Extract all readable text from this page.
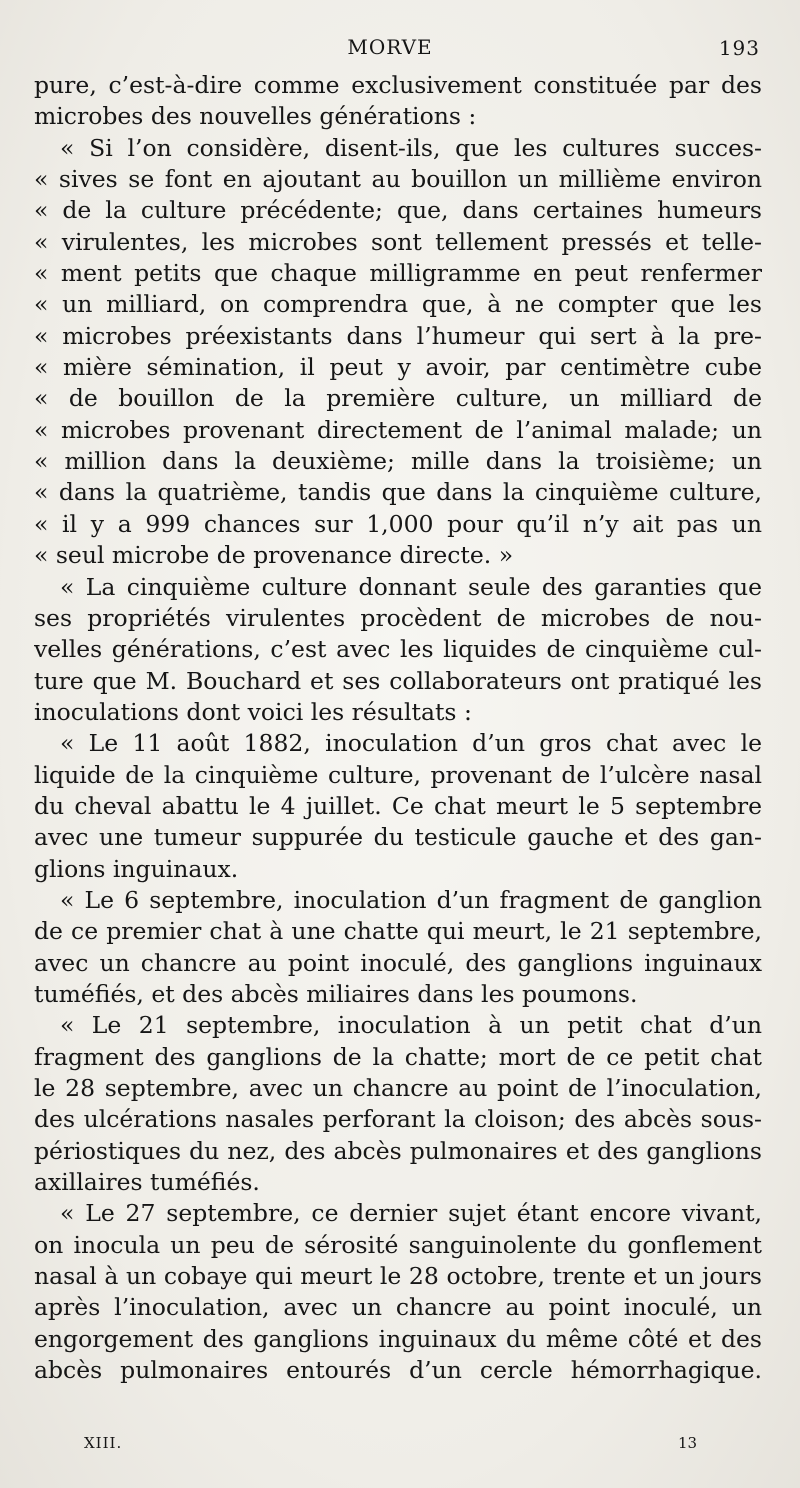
MORVE	193
pure, c’est-à-dire comme exclusivement constituée par des
microbes des nouvelles générations :
« Si l’on considère, disent-ils, que les cultures succes-
« sives se font en ajoutant au bouillon un millième environ
« de la culture précédente; que, dans certaines humeurs
« virulentes, les microbes sont tellement pressés et telle-
« ment petits que chaque milligramme en peut renfermer
« un milliard, on comprendra que, à ne compter que les
« microbes préexistants dans l’humeur qui sert à la pre-
« mière sémination, il peut y avoir, par centimètre cube
« de bouillon de la première culture, un milliard de
« microbes provenant directement de l’animal malade; un
« million dans la deuxième; mille dans la troisième; un
« dans la quatrième, tandis que dans la cinquième culture,
« il y a 999 chances sur 1,000 pour qu’il n’y ait pas un
« seul microbe de provenance directe. »
« La cinquième culture donnant seule des garanties que
ses propriétés virulentes procèdent de microbes de nou-
velles générations, c’est avec les liquides de cinquième cul-
ture que M. Bouchard et ses collaborateurs ont pratiqué les
inoculations dont voici les résultats :
« Le 11 août 1882, inoculation d’un gros chat avec le
liquide de la cinquième culture, provenant de l’ulcère nasal
du cheval abattu le 4 juillet. Ce chat meurt le 5 septembre
avec une tumeur suppurée du testicule gauche et des gan-
glions inguinaux.
« Le 6 septembre, inoculation d’un fragment de ganglion
de ce premier chat à une chatte qui meurt, le 21 septembre,
avec un chancre au point inoculé, des ganglions inguinaux
tuméfiés, et des abcès miliaires dans les poumons.
« Le 21 septembre, inoculation à un petit chat d’un
fragment des ganglions de la chatte; mort de ce petit chat
le 28 septembre, avec un chancre au point de l’inoculation,
des ulcérations nasales perforant la cloison; des abcès sous-
périostiques du nez, des abcès pulmonaires et des ganglions
axillaires tuméfiés.
« Le 27 septembre, ce dernier sujet étant encore vivant,
on inocula un peu de sérosité sanguinolente du gonflement
nasal à un cobaye qui meurt le 28 octobre, trente et un jours
après l’inoculation, avec un chancre au point inoculé, un
engorgement des ganglions inguinaux du même côté et des
abcès pulmonaires entourés d’un cercle hémorrhagique.
XIII.	13
